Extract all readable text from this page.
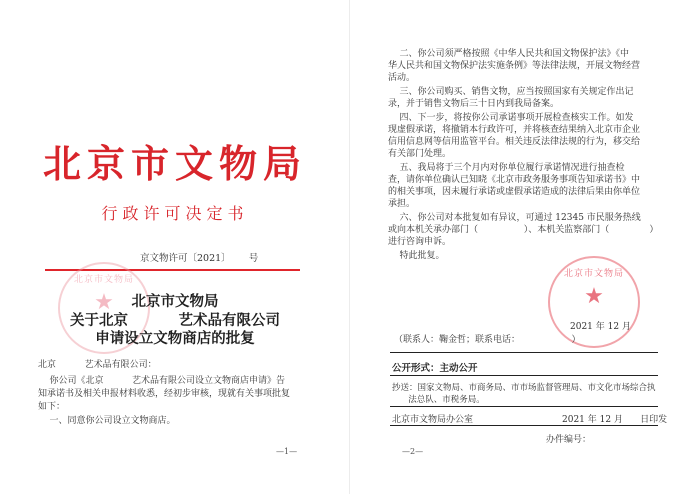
北京市文物局
行政许可决定书
京文物许可〔2021〕      号
北京市文物局
★	北京市文物局
关于北京          艺术品有限公司
申请设立文物商店的批复
北京          艺术品有限公司：
你公司《北京          艺术品有限公司设立文物商店申请》告
知承诺书及相关申报材料收悉，经初步审核，现就有关事项批复
如下：
一、同意你公司设立文物商店。
—1—
二、你公司须严格按照《中华人民共和国文物保护法》《中
华人民共和国文物保护法实施条例》等法律法规，开展文物经营
活动。
三、你公司购买、销售文物，应当按照国家有关规定作出记
录，并于销售文物后三十日内到我局备案。
四、下一步，将按你公司承诺事项开展检查核实工作。如发
现虚假承诺，将撤销本行政许可，并将核查结果纳入北京市企业
信用信息网等信用监管平台。相关违反法律法规的行为，移交给
有关部门处理。
五、我局将于三个月内对你单位履行承诺情况进行抽查检
查，请你单位确认已知晓《北京市政务服务事项告知承诺书》中
的相关事项，因未履行承诺或虚假承诺造成的法律后果由你单位
承担。
六、你公司对本批复如有异议，可通过 12345 市民服务热线
或向本机关承办部门（                ）、本机关监察部门（              ）
进行咨询申诉。
特此批复。
北京市文物局
★
2021 年 12 月
（联系人：鞠金哲；联系电话：                  ）
公开形式：主动公开
抄送：国家文物局、市商务局、市市场监督管理局、市文化市场综合执
法总队、市税务局。
北京市文物局办公室	2021 年 12 月      日印发
办件编号：
—2—
